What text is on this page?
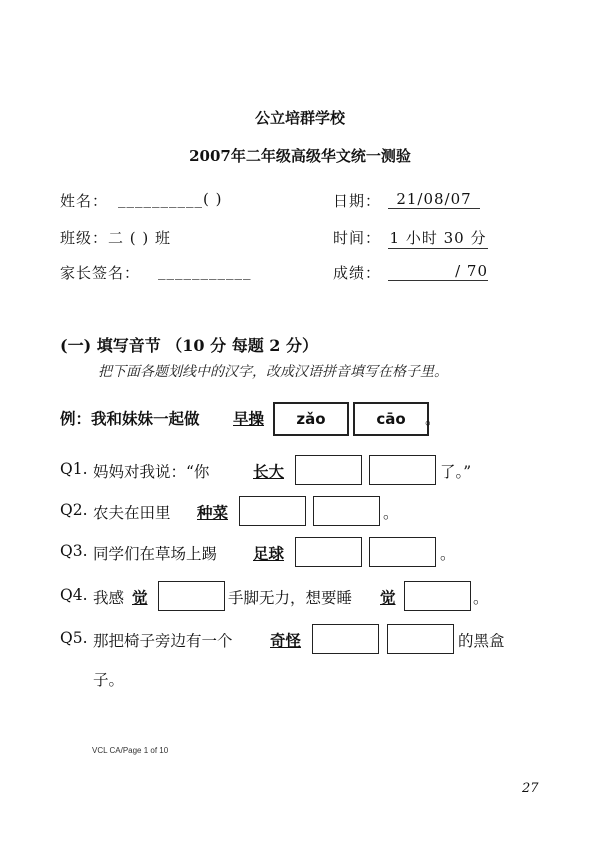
公立培群学校
2007年二年级高级华文统一测验
姓名： __________( )	日期：	21/08/07
班级：二 ( ) 班	时间： 1 小时 30 分
家长签名： ___________	成绩：	/ 70
(一) 填写音节 （10 分 每题 2 分）
把下面各题划线中的汉字，改成汉语拼音填写在格子里。
例：我和妹妹一起做 早操	zǎo	cāo	。
Q1. 妈妈对我说：“你	长大	了。”
Q2. 农夫在田里 种菜	。
Q3. 同学们在草场上踢 足球	。
Q4. 我感 觉	手脚无力，想要睡 觉	。
Q5. 那把椅子旁边有一个 奇怪	的黑盒
子。
VCL CA/Page 1 of 10
27
